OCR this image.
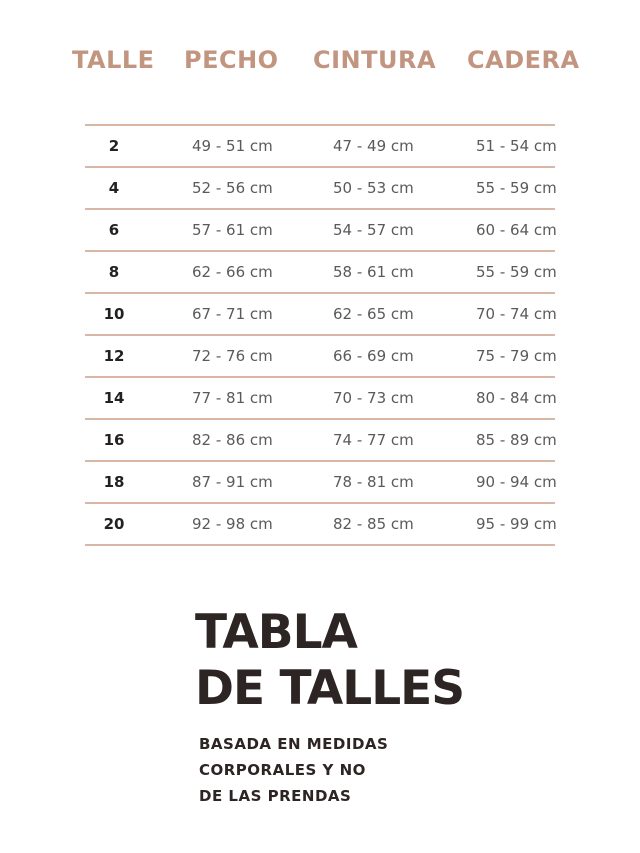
TALLE PECHO CINTURA CADERA
2	49 - 51 cm	47 - 49 cm	51 - 54 cm
4	52 - 56 cm	50 - 53 cm	55 - 59 cm
6	57 - 61 cm	54 - 57 cm	60 - 64 cm
8	62 - 66 cm	58 - 61 cm	55 - 59 cm
10	67 - 71 cm	62 - 65 cm	70 - 74 cm
12	72 - 76 cm	66 - 69 cm	75 - 79 cm
14	77 - 81 cm	70 - 73 cm	80 - 84 cm
16	82 - 86 cm	74 - 77 cm	85 - 89 cm
18	87 - 91 cm	78 - 81 cm	90 - 94 cm
20	92 - 98 cm	82 - 85 cm	95 - 99 cm
TABLA
DE TALLES
BASADA EN MEDIDAS
CORPORALES Y NO
DE LAS PRENDAS
